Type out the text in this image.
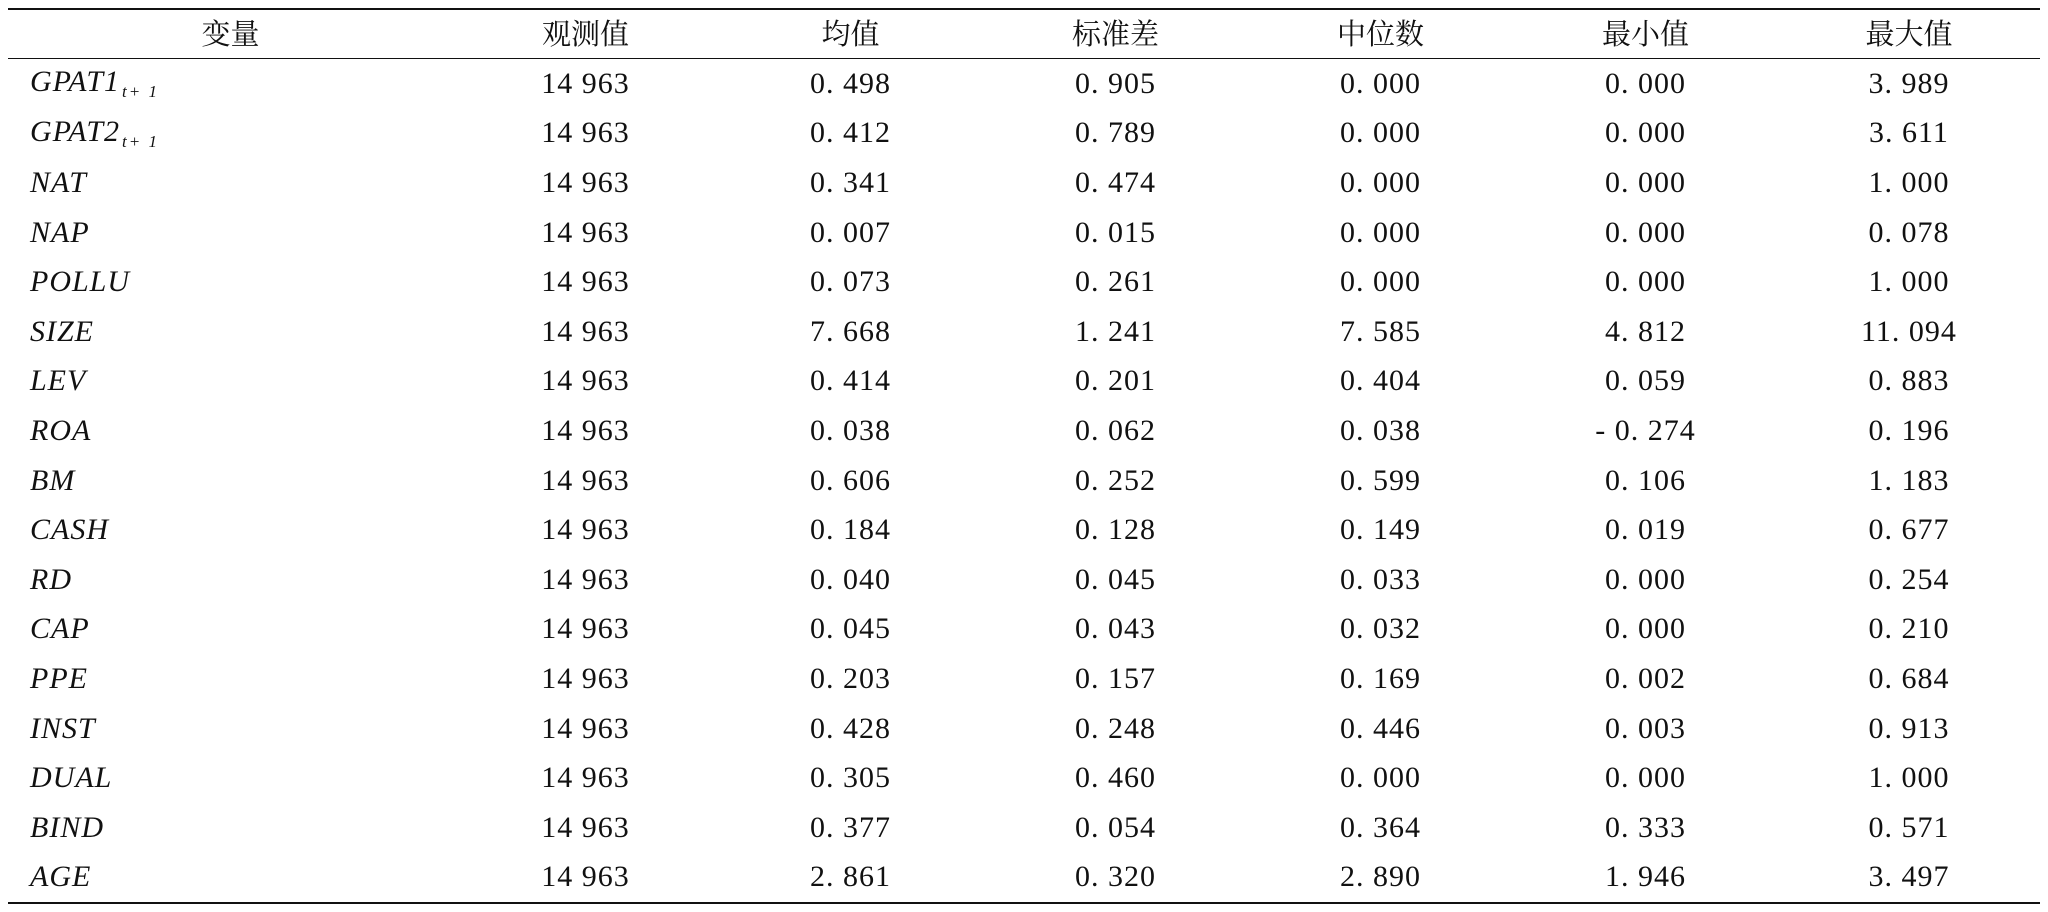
变量	观测值	均值	标准差	中位数	最小值	最大值
GPAT1 $_{t+ 1}$	14 963	0. 498	0. 905	0. 000	0. 000	3. 989
GPAT2 $_{t+ 1}$	14 963	0. 412	0. 789	0. 000	0. 000	3. 611
NAT	14 963	0. 341	0. 474	0. 000	0. 000	1. 000
NAP	14 963	0. 007	0. 015	0. 000	0. 000	0. 078
POLLU	14 963	0. 073	0. 261	0. 000	0. 000	1. 000
SIZE	14 963	7. 668	1. 241	7. 585	4. 812	11. 094
LEV	14 963	0. 414	0. 201	0. 404	0. 059	0. 883
ROA	14 963	0. 038	0. 062	0. 038	- 0. 274	0. 196
BM	14 963	0. 606	0. 252	0. 599	0. 106	1. 183
CASH	14 963	0. 184	0. 128	0. 149	0. 019	0. 677
RD	14 963	0. 040	0. 045	0. 033	0. 000	0. 254
CAP	14 963	0. 045	0. 043	0. 032	0. 000	0. 210
PPE	14 963	0. 203	0. 157	0. 169	0. 002	0. 684
INST	14 963	0. 428	0. 248	0. 446	0. 003	0. 913
DUAL	14 963	0. 305	0. 460	0. 000	0. 000	1. 000
BIND	14 963	0. 377	0. 054	0. 364	0. 333	0. 571
AGE	14 963	2. 861	0. 320	2. 890	1. 946	3. 497
